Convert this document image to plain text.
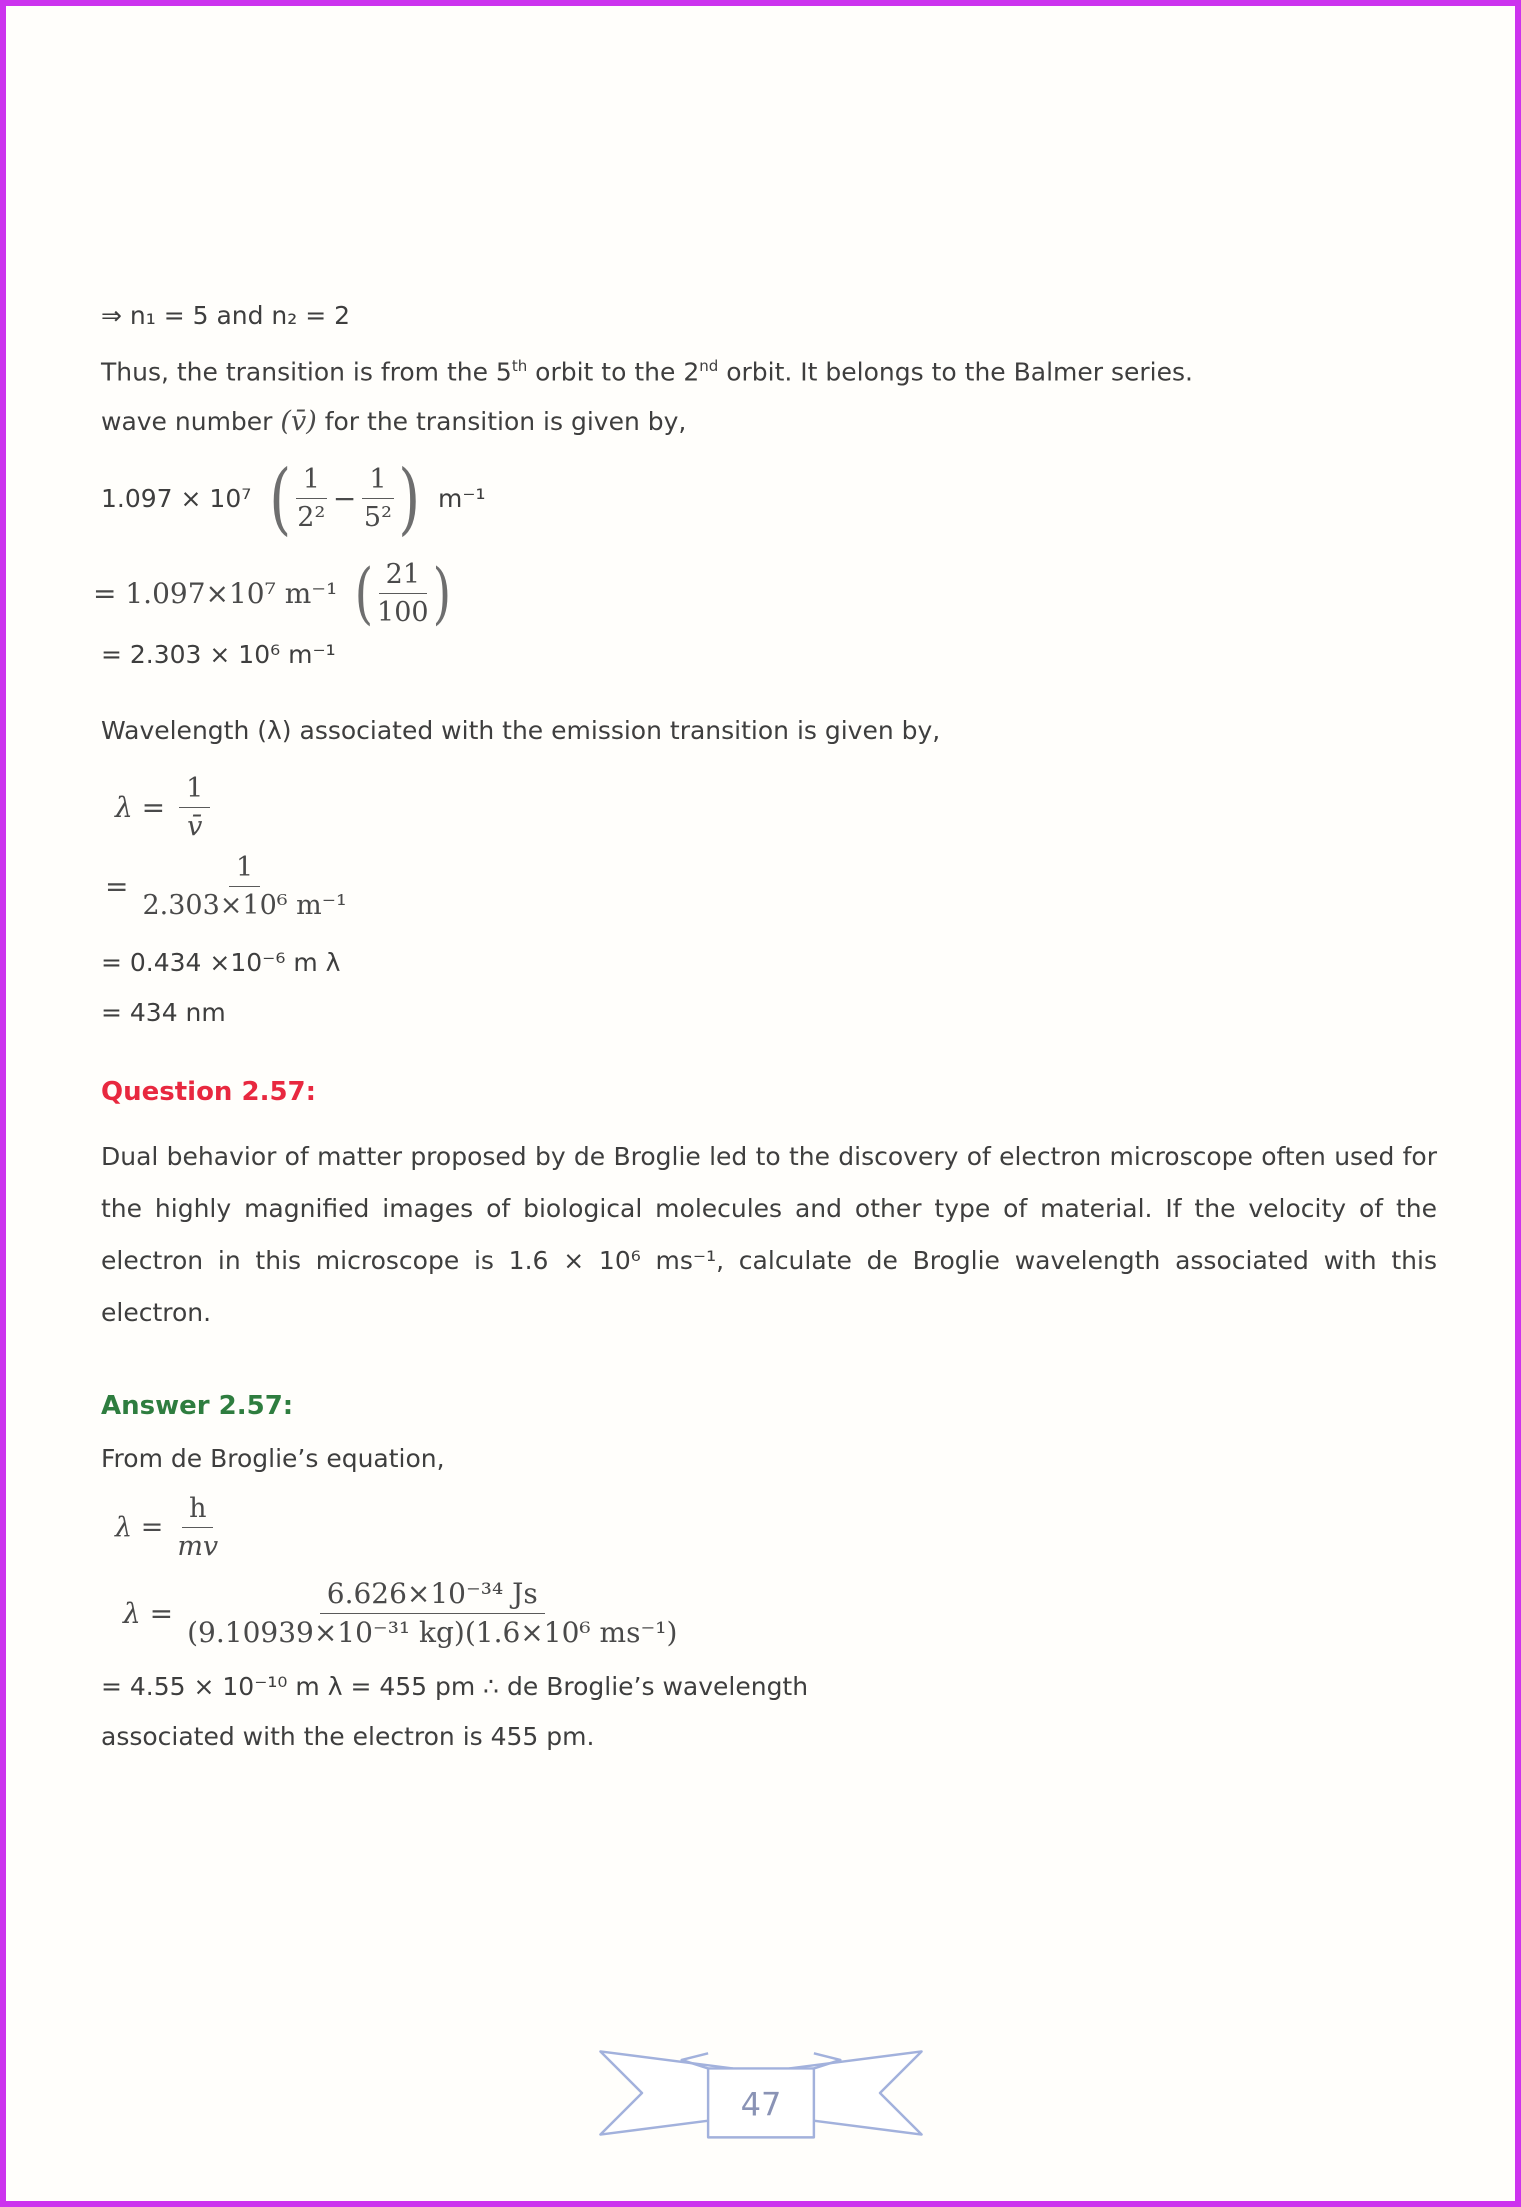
⇒ n₁ = 5 and n₂ = 2
Thus, the transition is from the 5th orbit to the 2nd orbit. It belongs to the Balmer series.
wave number (v̄) for the transition is given by,
1.097 × 10⁷ ( $\frac{1}{\text{2²}} - \frac{1}{\text{5²}}$ ) m⁻¹
= 1.097×10⁷ m⁻¹ ( $\frac{21}{100}$ )
= 2.303 × 10⁶ m⁻¹
Wavelength (λ) associated with the emission transition is given by,
$\lambda = \frac{1}{v̄}$
= $\frac{1}{\text{2.303×10⁶ m⁻¹}}$
= 0.434 ×10⁻⁶ m λ
= 434 nm
Question 2.57:
Dual behavior of matter proposed by de Broglie led to the discovery of electron microscope often used for the highly magnified images of biological molecules and other type of material. If the velocity of the electron in this microscope is 1.6 × 10⁶ ms⁻¹, calculate de Broglie wavelength associated with this electron.
Answer 2.57:
From de Broglie’s equation,
$\lambda = \frac{h}{mv}$
$\lambda = \frac{\text{6.626×10⁻³⁴ Js}}{\text{(9.10939×10⁻³¹ kg)(1.6×10⁶ ms⁻¹)}}$
= 4.55 × 10⁻¹⁰ m λ = 455 pm ∴ de Broglie’s wavelength
associated with the electron is 455 pm.
47
